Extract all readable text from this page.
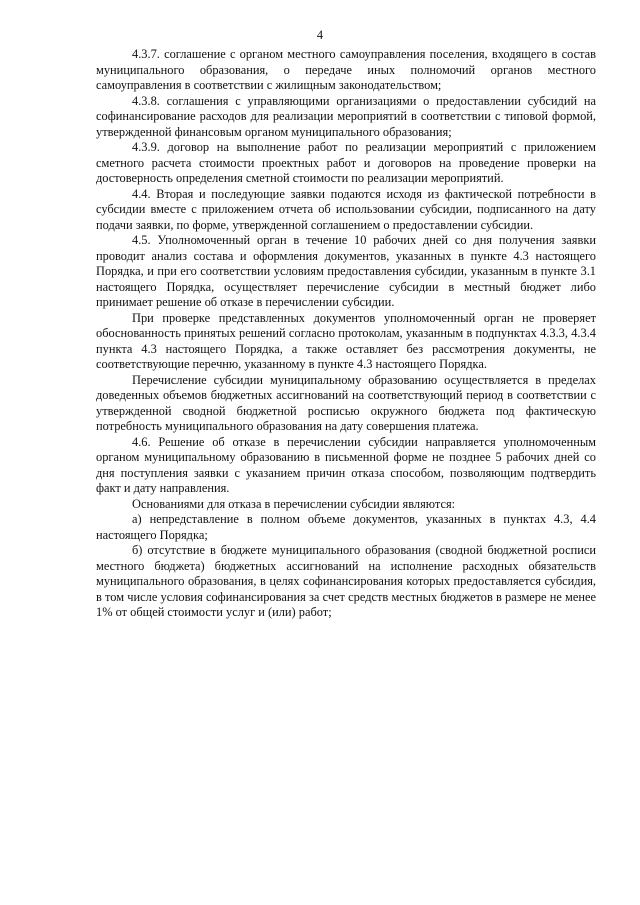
4

4.3.7. соглашение с органом местного самоуправления поселения, входящего в состав муниципального образования, о передаче иных полномочий органов местного самоуправления в соответствии с жилищным законодательством;

4.3.8. соглашения с управляющими организациями о предоставлении субсидий на софинансирование расходов для реализации мероприятий в соответствии с типовой формой, утвержденной финансовым органом муниципального образования;

4.3.9. договор на выполнение работ по реализации мероприятий с приложением сметного расчета стоимости проектных работ и договоров на проведение проверки на достоверность определения сметной стоимости по реализации мероприятий.

4.4. Вторая и последующие заявки подаются исходя из фактической потребности в субсидии вместе с приложением отчета об использовании субсидии, подписанного на дату подачи заявки, по форме, утвержденной соглашением о предоставлении субсидии.

4.5. Уполномоченный орган в течение 10 рабочих дней со дня получения заявки проводит анализ состава и оформления документов, указанных в пункте 4.3 настоящего Порядка, и при его соответствии условиям предоставления субсидии, указанным в пункте 3.1 настоящего Порядка, осуществляет перечисление субсидии в местный бюджет либо принимает решение об отказе в перечислении субсидии.

При проверке представленных документов уполномоченный орган не проверяет обоснованность принятых решений согласно протоколам, указанным в подпунктах 4.3.3, 4.3.4 пункта 4.3 настоящего Порядка, а также оставляет без рассмотрения документы, не соответствующие перечню, указанному в пункте 4.3 настоящего Порядка.

Перечисление субсидии муниципальному образованию осуществляется в пределах доведенных объемов бюджетных ассигнований на соответствующий период в соответствии с утвержденной сводной бюджетной росписью окружного бюджета под фактическую потребность муниципального образования на дату совершения платежа.

4.6. Решение об отказе в перечислении субсидии направляется уполномоченным органом муниципальному образованию в письменной форме не позднее 5 рабочих дней со дня поступления заявки с указанием причин отказа способом, позволяющим подтвердить факт и дату направления.

Основаниями для отказа в перечислении субсидии являются:

а) непредставление в полном объеме документов, указанных в пунктах 4.3, 4.4 настоящего Порядка;

б) отсутствие в бюджете муниципального образования (сводной бюджетной росписи местного бюджета) бюджетных ассигнований на исполнение расходных обязательств муниципального образования, в целях софинансирования которых предоставляется субсидия, в том числе условия софинансирования за счет средств местных бюджетов в размере не менее 1% от общей стоимости услуг и (или) работ;
